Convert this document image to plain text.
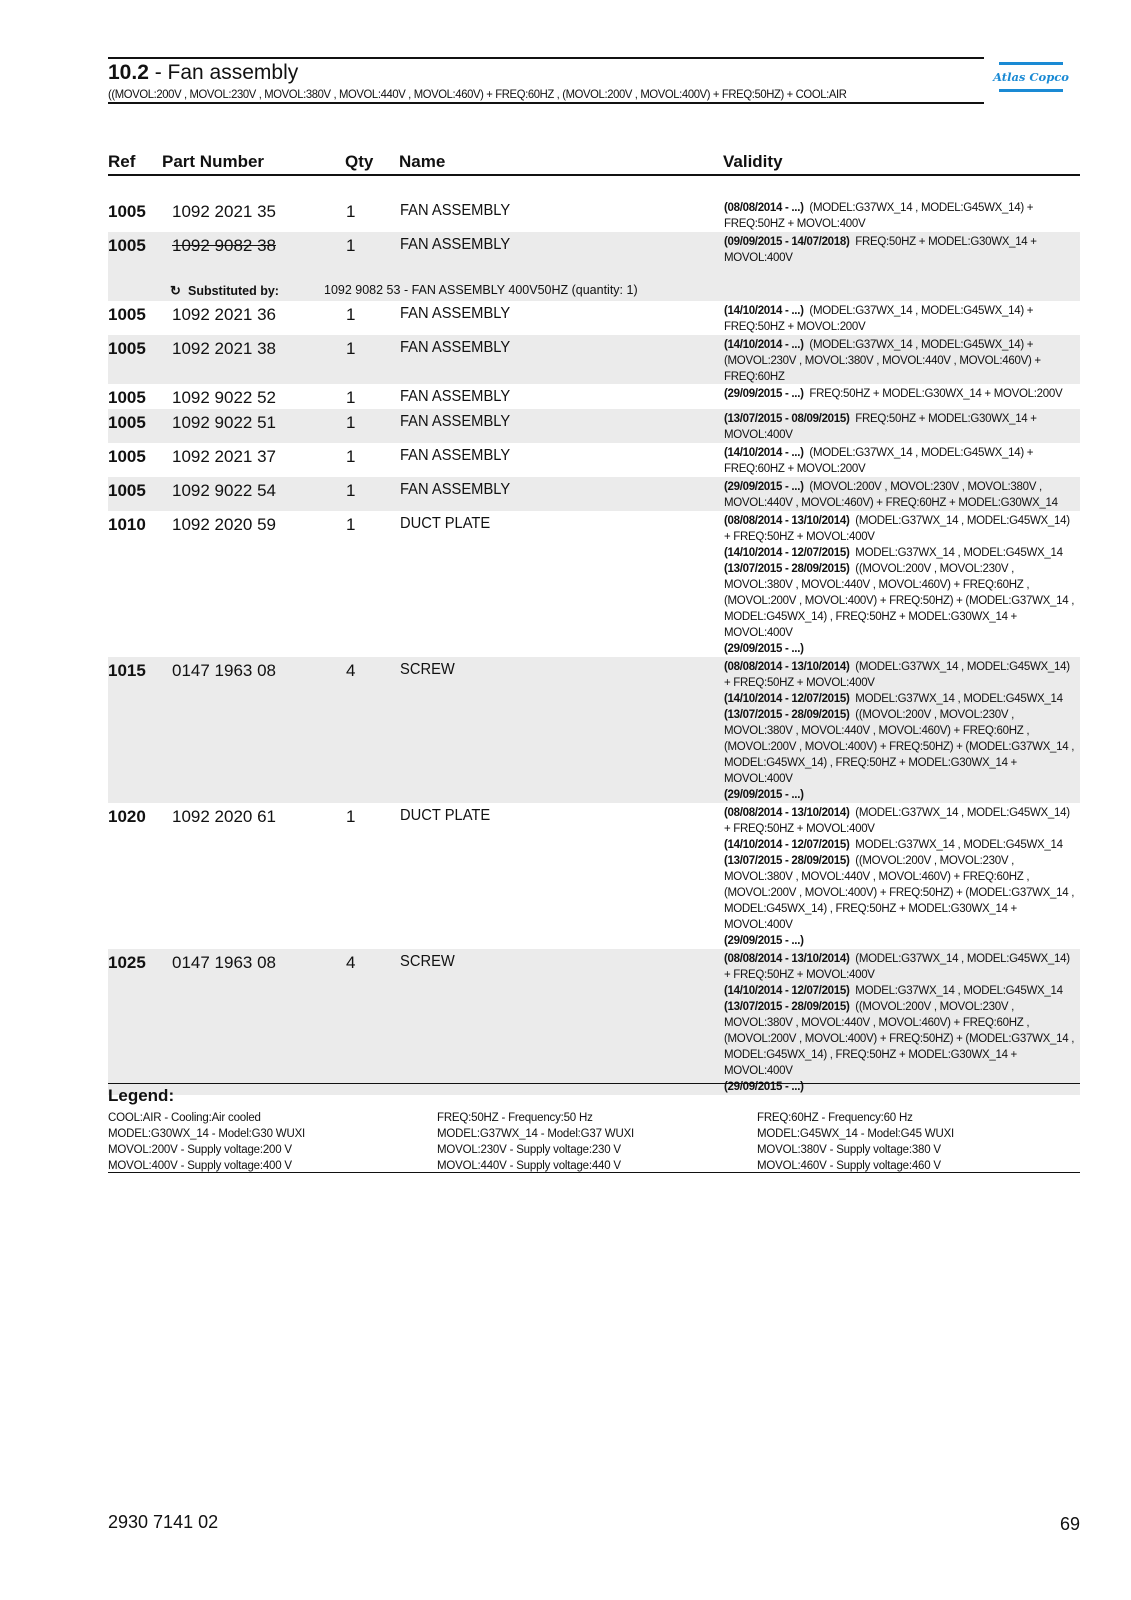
10.2 - Fan assembly
((MOVOL:200V , MOVOL:230V , MOVOL:380V , MOVOL:440V , MOVOL:460V) + FREQ:60HZ , (MOVOL:200V , MOVOL:400V) + FREQ:50HZ) + COOL:AIR
Atlas Copco
Ref Part Number	Qty Name	Validity
1005 1092 2021 35	1	FAN ASSEMBLY	(08/08/2014 - ...) (MODEL:G37WX_14 , MODEL:G45WX_14) +
FREQ:50HZ + MOVOL:400V
1005 1092 9082 38	1	FAN ASSEMBLY	(09/09/2015 - 14/07/2018) FREQ:50HZ + MODEL:G30WX_14 +
MOVOL:400V
↻ Substituted by:	1092 9082 53 - FAN ASSEMBLY 400V50HZ (quantity: 1)
1005 1092 2021 36	1	FAN ASSEMBLY	(14/10/2014 - ...) (MODEL:G37WX_14 , MODEL:G45WX_14) +
FREQ:50HZ + MOVOL:200V
1005 1092 2021 38	1	FAN ASSEMBLY	(14/10/2014 - ...) (MODEL:G37WX_14 , MODEL:G45WX_14) +
(MOVOL:230V , MOVOL:380V , MOVOL:440V , MOVOL:460V) +
FREQ:60HZ
1005 1092 9022 52	1	FAN ASSEMBLY	(29/09/2015 - ...) FREQ:50HZ + MODEL:G30WX_14 + MOVOL:200V
1005 1092 9022 51	1	FAN ASSEMBLY	(13/07/2015 - 08/09/2015) FREQ:50HZ + MODEL:G30WX_14 +
MOVOL:400V
1005 1092 2021 37	1	FAN ASSEMBLY	(14/10/2014 - ...) (MODEL:G37WX_14 , MODEL:G45WX_14) +
FREQ:60HZ + MOVOL:200V
1005 1092 9022 54	1	FAN ASSEMBLY	(29/09/2015 - ...) (MOVOL:200V , MOVOL:230V , MOVOL:380V ,
MOVOL:440V , MOVOL:460V) + FREQ:60HZ + MODEL:G30WX_14
1010 1092 2020 59	1	DUCT PLATE	(08/08/2014 - 13/10/2014) (MODEL:G37WX_14 , MODEL:G45WX_14)
+ FREQ:50HZ + MOVOL:400V
(14/10/2014 - 12/07/2015) MODEL:G37WX_14 , MODEL:G45WX_14
(13/07/2015 - 28/09/2015) ((MOVOL:200V , MOVOL:230V ,
MOVOL:380V , MOVOL:440V , MOVOL:460V) + FREQ:60HZ ,
(MOVOL:200V , MOVOL:400V) + FREQ:50HZ) + (MODEL:G37WX_14 ,
MODEL:G45WX_14) , FREQ:50HZ + MODEL:G30WX_14 +
MOVOL:400V
(29/09/2015 - ...)
1015 0147 1963 08	4	SCREW	(08/08/2014 - 13/10/2014) (MODEL:G37WX_14 , MODEL:G45WX_14)
+ FREQ:50HZ + MOVOL:400V
(14/10/2014 - 12/07/2015) MODEL:G37WX_14 , MODEL:G45WX_14
(13/07/2015 - 28/09/2015) ((MOVOL:200V , MOVOL:230V ,
MOVOL:380V , MOVOL:440V , MOVOL:460V) + FREQ:60HZ ,
(MOVOL:200V , MOVOL:400V) + FREQ:50HZ) + (MODEL:G37WX_14 ,
MODEL:G45WX_14) , FREQ:50HZ + MODEL:G30WX_14 +
MOVOL:400V
(29/09/2015 - ...)
1020 1092 2020 61	1	DUCT PLATE	(08/08/2014 - 13/10/2014) (MODEL:G37WX_14 , MODEL:G45WX_14)
+ FREQ:50HZ + MOVOL:400V
(14/10/2014 - 12/07/2015) MODEL:G37WX_14 , MODEL:G45WX_14
(13/07/2015 - 28/09/2015) ((MOVOL:200V , MOVOL:230V ,
MOVOL:380V , MOVOL:440V , MOVOL:460V) + FREQ:60HZ ,
(MOVOL:200V , MOVOL:400V) + FREQ:50HZ) + (MODEL:G37WX_14 ,
MODEL:G45WX_14) , FREQ:50HZ + MODEL:G30WX_14 +
MOVOL:400V
(29/09/2015 - ...)
1025 0147 1963 08	4	SCREW	(08/08/2014 - 13/10/2014) (MODEL:G37WX_14 , MODEL:G45WX_14)
+ FREQ:50HZ + MOVOL:400V
(14/10/2014 - 12/07/2015) MODEL:G37WX_14 , MODEL:G45WX_14
(13/07/2015 - 28/09/2015) ((MOVOL:200V , MOVOL:230V ,
MOVOL:380V , MOVOL:440V , MOVOL:460V) + FREQ:60HZ ,
(MOVOL:200V , MOVOL:400V) + FREQ:50HZ) + (MODEL:G37WX_14 ,
MODEL:G45WX_14) , FREQ:50HZ + MODEL:G30WX_14 +
MOVOL:400V
(29/09/2015 - ...)
Legend:
COOL:AIR - Cooling:Air cooled
MODEL:G30WX_14 - Model:G30 WUXI
MOVOL:200V - Supply voltage:200 V
MOVOL:400V - Supply voltage:400 V
FREQ:50HZ - Frequency:50 Hz
MODEL:G37WX_14 - Model:G37 WUXI
MOVOL:230V - Supply voltage:230 V
MOVOL:440V - Supply voltage:440 V
FREQ:60HZ - Frequency:60 Hz
MODEL:G45WX_14 - Model:G45 WUXI
MOVOL:380V - Supply voltage:380 V
MOVOL:460V - Supply voltage:460 V
2930 7141 02	69
